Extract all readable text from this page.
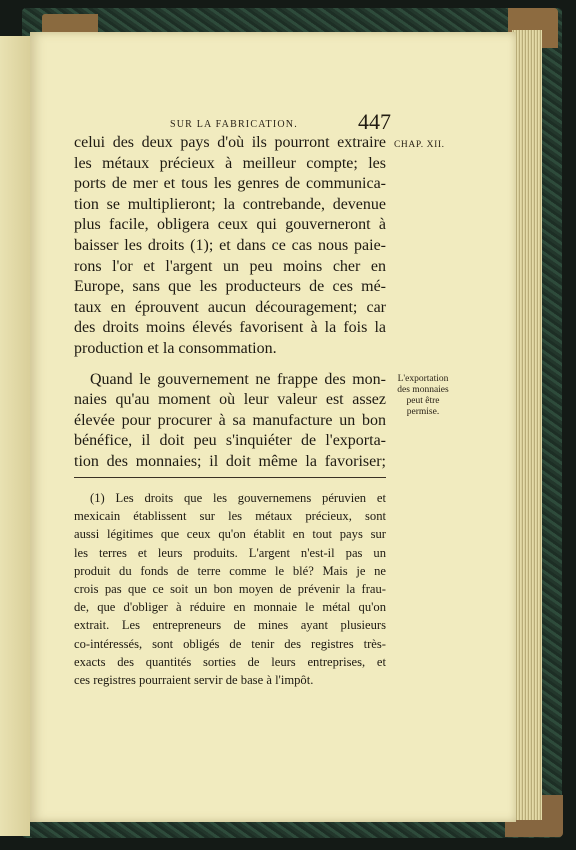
SUR LA FABRICATION.	447
CHAP. XII.
celui des deux pays d'où ils pourront extraire
les métaux précieux à meilleur compte; les
ports de mer et tous les genres de communica-
tion se multiplieront; la contrebande, devenue
plus facile, obligera ceux qui gouverneront à
baisser les droits (1); et dans ce cas nous paie-
rons l'or et l'argent un peu moins cher en
Europe, sans que les producteurs de ces mé-
taux en éprouvent aucun découragement; car
des droits moins élevés favorisent à la fois la
production et la consommation.
Quand le gouvernement ne frappe des mon-
naies qu'au moment où leur valeur est assez
élevée pour procurer à sa manufacture un bon
bénéfice, il doit peu s'inquiéter de l'exporta-
tion des monnaies; il doit même la favoriser;
L'exportation
des monnaies
peut être
permise.
(1) Les droits que les gouvernemens péruvien et
mexicain établissent sur les métaux précieux, sont
aussi légitimes que ceux qu'on établit en tout pays sur
les terres et leurs produits. L'argent n'est-il pas un
produit du fonds de terre comme le blé? Mais je ne
crois pas que ce soit un bon moyen de prévenir la frau-
de, que d'obliger à réduire en monnaie le métal qu'on
extrait. Les entrepreneurs de mines ayant plusieurs
co-intéressés, sont obligés de tenir des registres très-
exacts des quantités sorties de leurs entreprises, et
ces registres pourraient servir de base à l'impôt.
